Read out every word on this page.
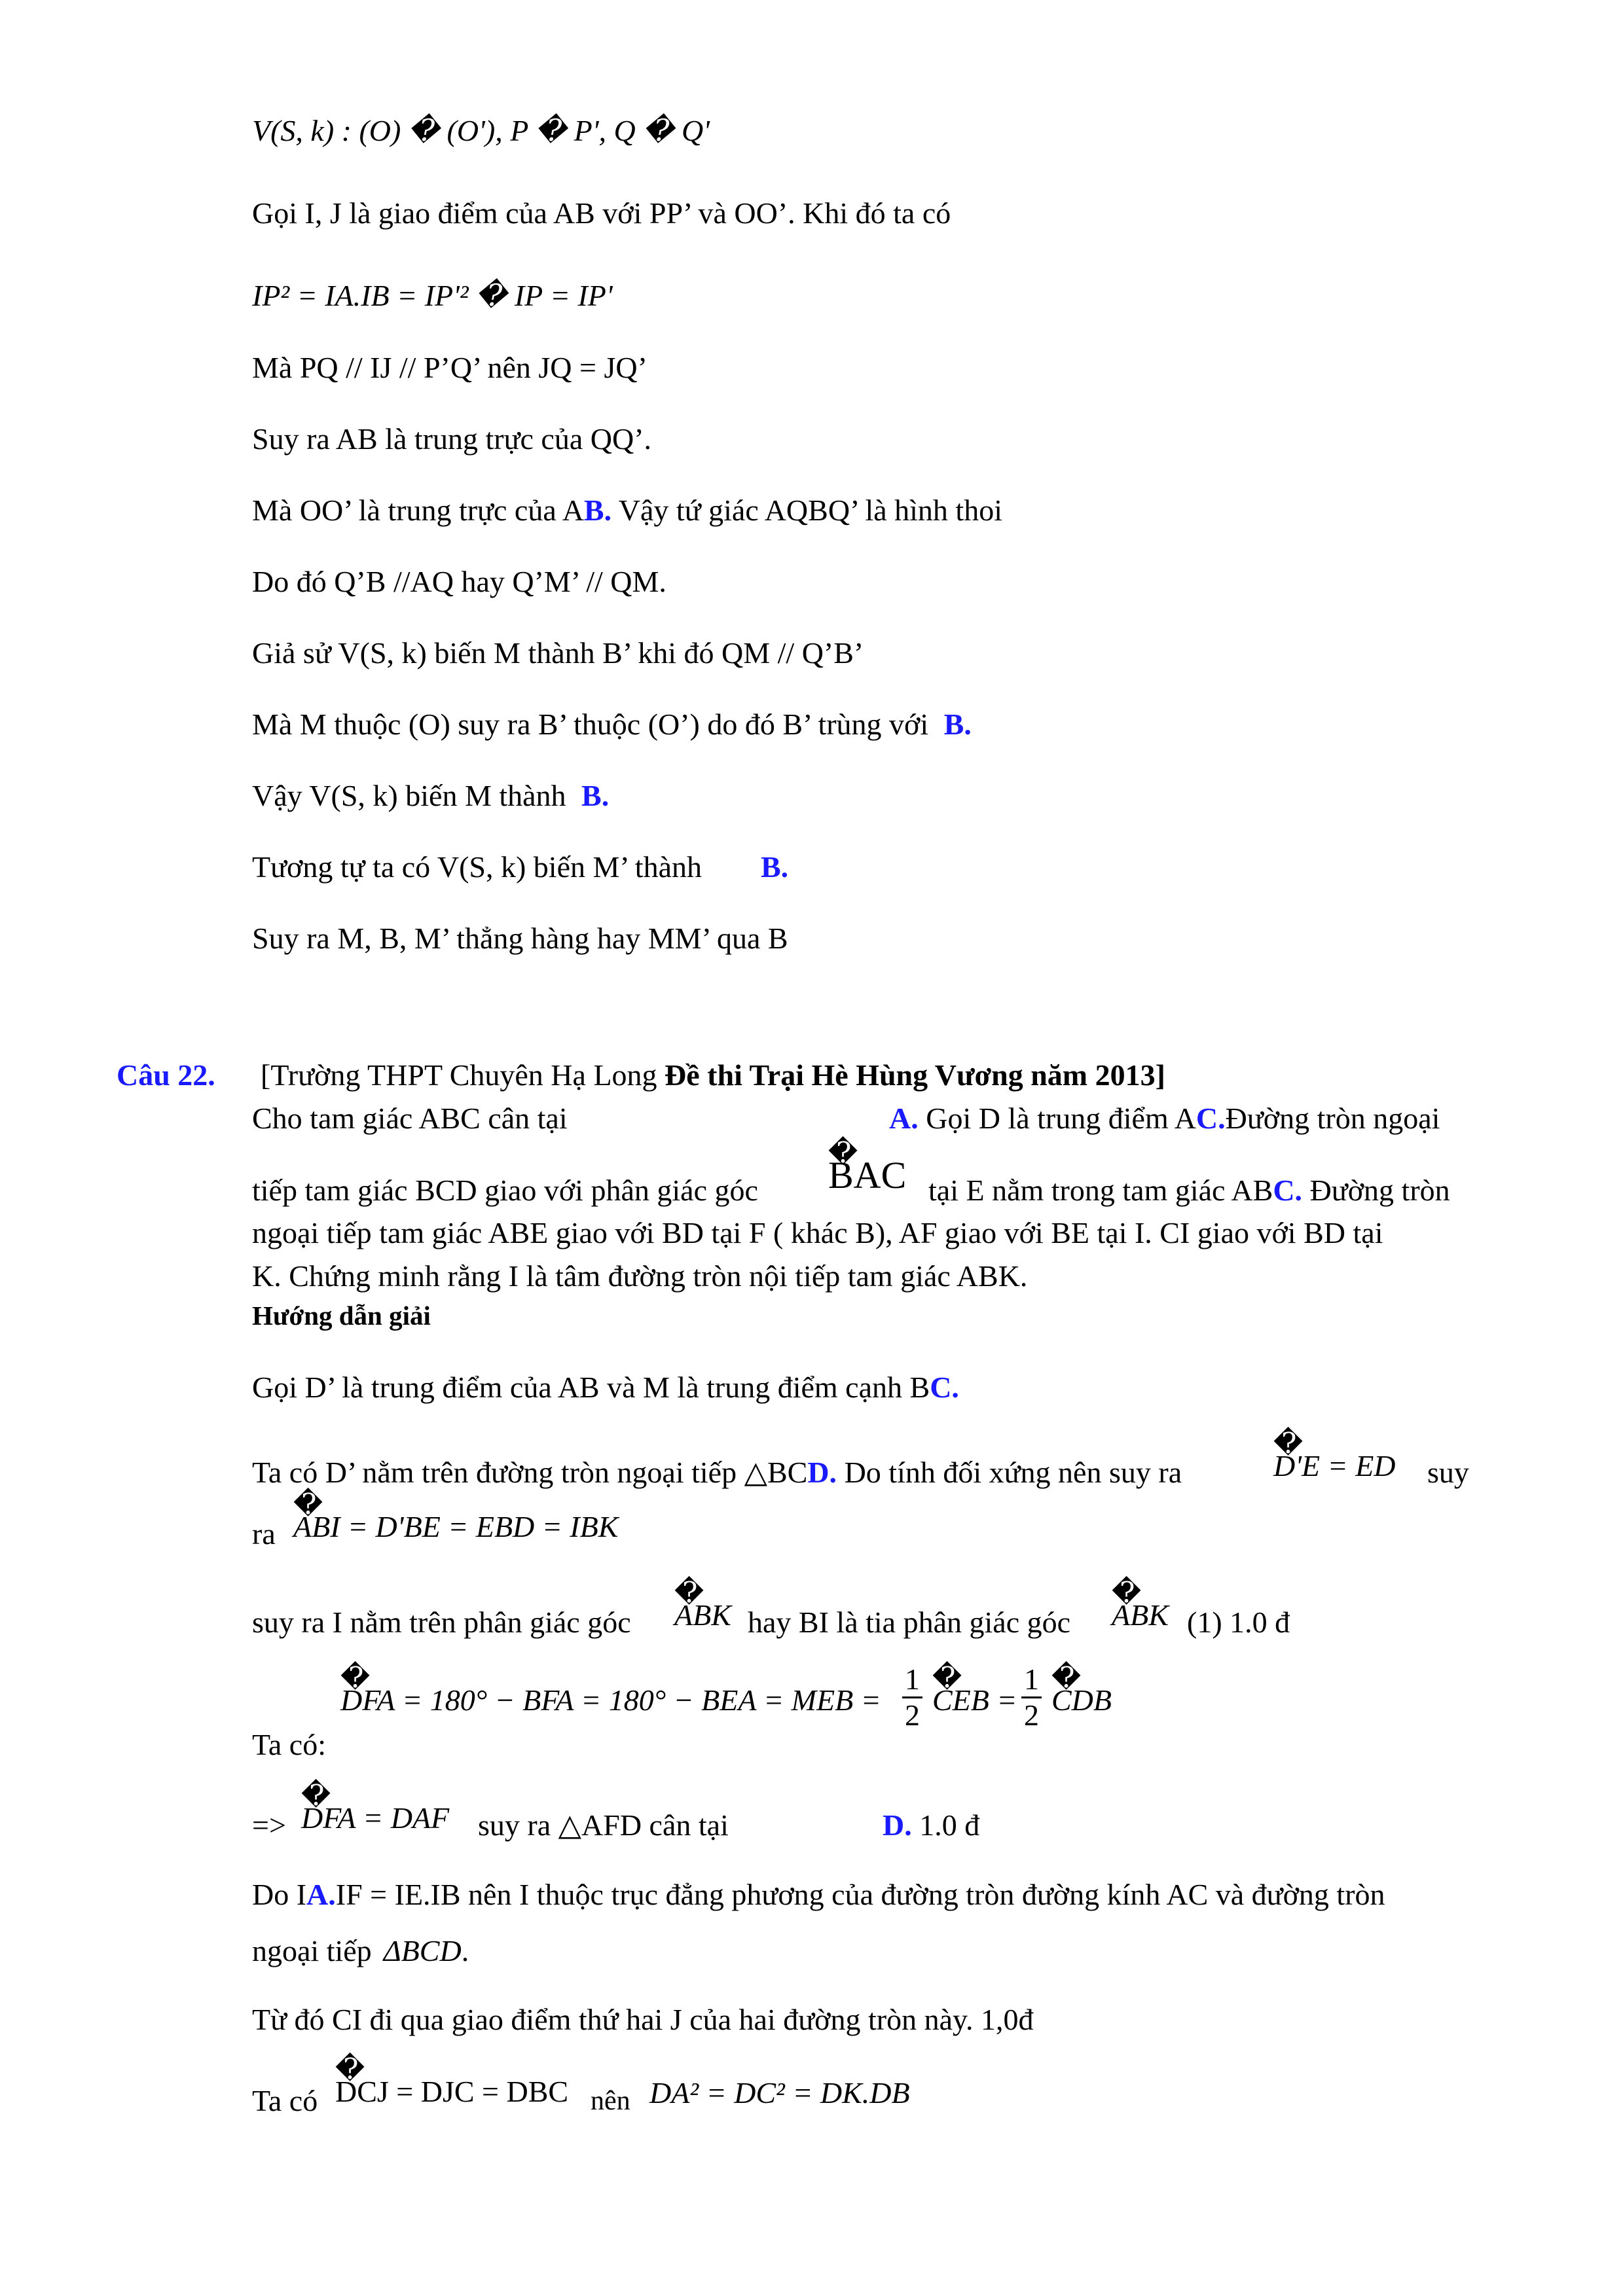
V(S, k) : (O) � (O'), P � P', Q � Q'
Gọi I, J là giao điểm của AB với PP’ và OO’. Khi đó ta có
IP² = IA.IB = IP'² � IP = IP'
Mà PQ // IJ // P’Q’ nên JQ = JQ’
Suy ra AB là trung trực của QQ’.
Mà OO’ là trung trực của AB. Vậy tứ giác AQBQ’ là hình thoi
Do đó Q’B //AQ hay Q’M’ // QM.
Giả sử V(S, k) biến M thành B’ khi đó QM // Q’B’
Mà M thuộc (O) suy ra B’ thuộc (O’) do đó B’ trùng với B.
Vậy V(S, k) biến M thành B.
Tương tự ta có V(S, k) biến M’ thành B.
Suy ra M, B, M’ thẳng hàng hay MM’ qua B
Câu 22. [Trường THPT Chuyên Hạ Long Đề thi Trại Hè Hùng Vương năm 2013]
Cho tam giác ABC cân tại	A. Gọi D là trung điểm AC.Đường tròn ngoại
tiếp tam giác BCD giao với phân giác góc � BAC tại E nằm trong tam giác ABC. Đường tròn
ngoại tiếp tam giác ABE giao với BD tại F ( khác B), AF giao với BE tại I. CI giao với BD tại
K. Chứng minh rằng I là tâm đường tròn nội tiếp tam giác ABK.
Hướng dẫn giải
Gọi D’ là trung điểm của AB và M là trung điểm cạnh BC.
Ta có D’ nằm trên đường tròn ngoại tiếp △BCD. Do tính đối xứng nên suy ra	� D'E = ED suy
ra � ABI = D'BE = EBD = IBK
suy ra I nằm trên phân giác góc � ABK hay BI là tia phân giác góc � ABK (1) 1.0 đ
� DFA = 180° − BFA = 180° − BEA = MEB = $\frac{1}{2}$ � CEB = $\frac{1}{2}$ � CDB
Ta có:
=> � DFA = DAF suy ra △AFD cân tại	D. 1.0 đ
Do IA.IF = IE.IB nên I thuộc trục đẳng phương của đường tròn đường kính AC và đường tròn
ngoại tiếp ΔBCD.
Từ đó CI đi qua giao điểm thứ hai J của hai đường tròn này. 1,0đ
Ta có � DCJ = DJC = DBC nên DA² = DC² = DK.DB
